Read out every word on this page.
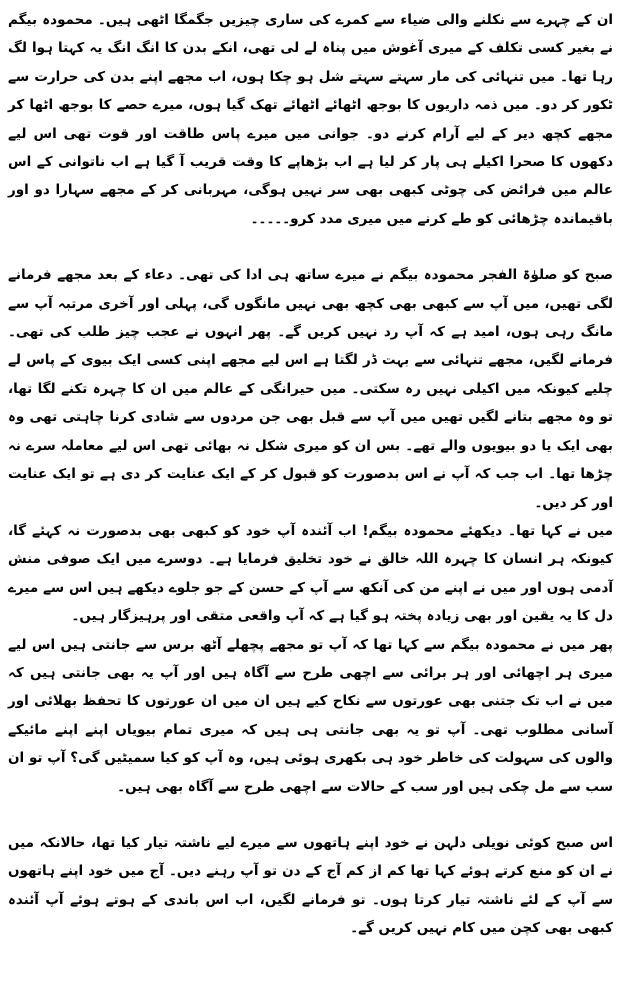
ان کے چہرے سے نکلنے والی ضیاء سے کمرے کی ساری چیزیں جگمگا اٹھی ہیں۔ محمودہ بیگم نے بغیر کسی تکلف کے میری آغوش میں پناہ لے لی تھی، انکے بدن کا انگ انگ یہ کہتا ہوا لگ رہا تھا۔ میں تنہائی کی مار سہتے سہتے شل ہو چکا ہوں، اب مجھے اپنے بدن کی حرارت سے ٹکور کر دو۔ میں ذمہ داریوں کا بوجھ اٹھائے اٹھائے تھک گیا ہوں، میرے حصے کا بوجھ اٹھا کر مجھے کچھ دیر کے لیے آرام کرنے دو۔ جوانی میں میرے پاس طاقت اور قوت تھی اس لیے دکھوں کا صحرا اکیلے ہی پار کر لیا ہے اب بڑھاپے کا وقت قریب آ گیا ہے اب ناتوانی کے اس عالم میں فرائض کی چوٹی کبھی بھی سر نہیں ہوگی، مہربانی کر کے مجھے سہارا دو اور باقیماندہ چڑھائی کو طے کرنے میں میری مدد کرو۔۔۔۔۔

صبح کو صلوٰۃ الفجر محمودہ بیگم نے میرے ساتھ ہی ادا کی تھی۔ دعاء کے بعد مجھے فرمانے لگی تھیں، میں آپ سے کبھی بھی کچھ بھی نہیں مانگوں گی، پہلی اور آخری مرتبہ آپ سے مانگ رہی ہوں، امید ہے کہ آپ رد نہیں کریں گے۔ پھر انہوں نے عجب چیز طلب کی تھی۔ فرمانے لگیں، مجھے تنہائی سے بہت ڈر لگتا ہے اس لیے مجھے اپنی کسی ایک بیوی کے پاس لے چلیے کیونکہ میں اکیلی نہیں رہ سکتی۔ میں حیرانگی کے عالم میں ان کا چہرہ تکنے لگا تھا، تو وہ مجھے بتانے لگیں تھیں میں آپ سے قبل بھی جن مردوں سے شادی کرنا چاہتی تھی وہ بھی ایک یا دو بیویوں والے تھے۔ بس ان کو میری شکل نہ بھائی تھی اس لیے معاملہ سرے نہ چڑھا تھا۔ اب جب کہ آپ نے اس بدصورت کو قبول کر کے ایک عنایت کر دی ہے تو ایک عنایت اور کر دیں۔

میں نے کہا تھا۔ دیکھئے محمودہ بیگم! اب آئندہ آپ خود کو کبھی بھی بدصورت نہ کہئے گا، کیونکہ ہر انسان کا چہرہ اللہ خالق نے خود تخلیق فرمایا ہے۔ دوسرے میں ایک صوفی منش آدمی ہوں اور میں نے اپنے من کی آنکھ سے آپ کے حسن کے جو جلوے دیکھے ہیں اس سے میرے دل کا یہ یقین اور بھی زیادہ پختہ ہو گیا ہے کہ آپ واقعی متقی اور پرہیزگار ہیں۔

پھر میں نے محمودہ بیگم سے کہا تھا کہ آپ تو مجھے پچھلے آٹھ برس سے جانتی ہیں اس لیے میری ہر اچھائی اور ہر برائی سے اچھی طرح سے آگاہ ہیں اور آپ یہ بھی جانتی ہیں کہ میں نے اب تک جتنی بھی عورتوں سے نکاح کیے ہیں ان میں ان عورتوں کا تحفظ بھلائی اور آسانی مطلوب تھی۔ آپ تو یہ بھی جانتی ہی ہیں کہ میری تمام بیویاں اپنے اپنے مائیکے والوں کی سہولت کی خاطر خود ہی بکھری ہوئی ہیں، وہ آپ کو کیا سمیٹیں گی؟ آپ تو ان سب سے مل چکی ہیں اور سب کے حالات سے اچھی طرح سے آگاہ بھی ہیں۔

اس صبح کوئی نویلی دلہن نے خود اپنے ہاتھوں سے میرے لیے ناشتہ تیار کیا تھا، حالانکہ میں نے ان کو منع کرتے ہوئے کہا تھا کم از کم آج کے دن تو آپ رہنے دیں۔ آج میں خود اپنے ہاتھوں سے آپ کے لئے ناشتہ تیار کرتا ہوں۔ تو فرمانے لگیں، اب اس باندی کے ہوتے ہوئے آپ آئندہ کبھی بھی کچن میں کام نہیں کریں گے۔
